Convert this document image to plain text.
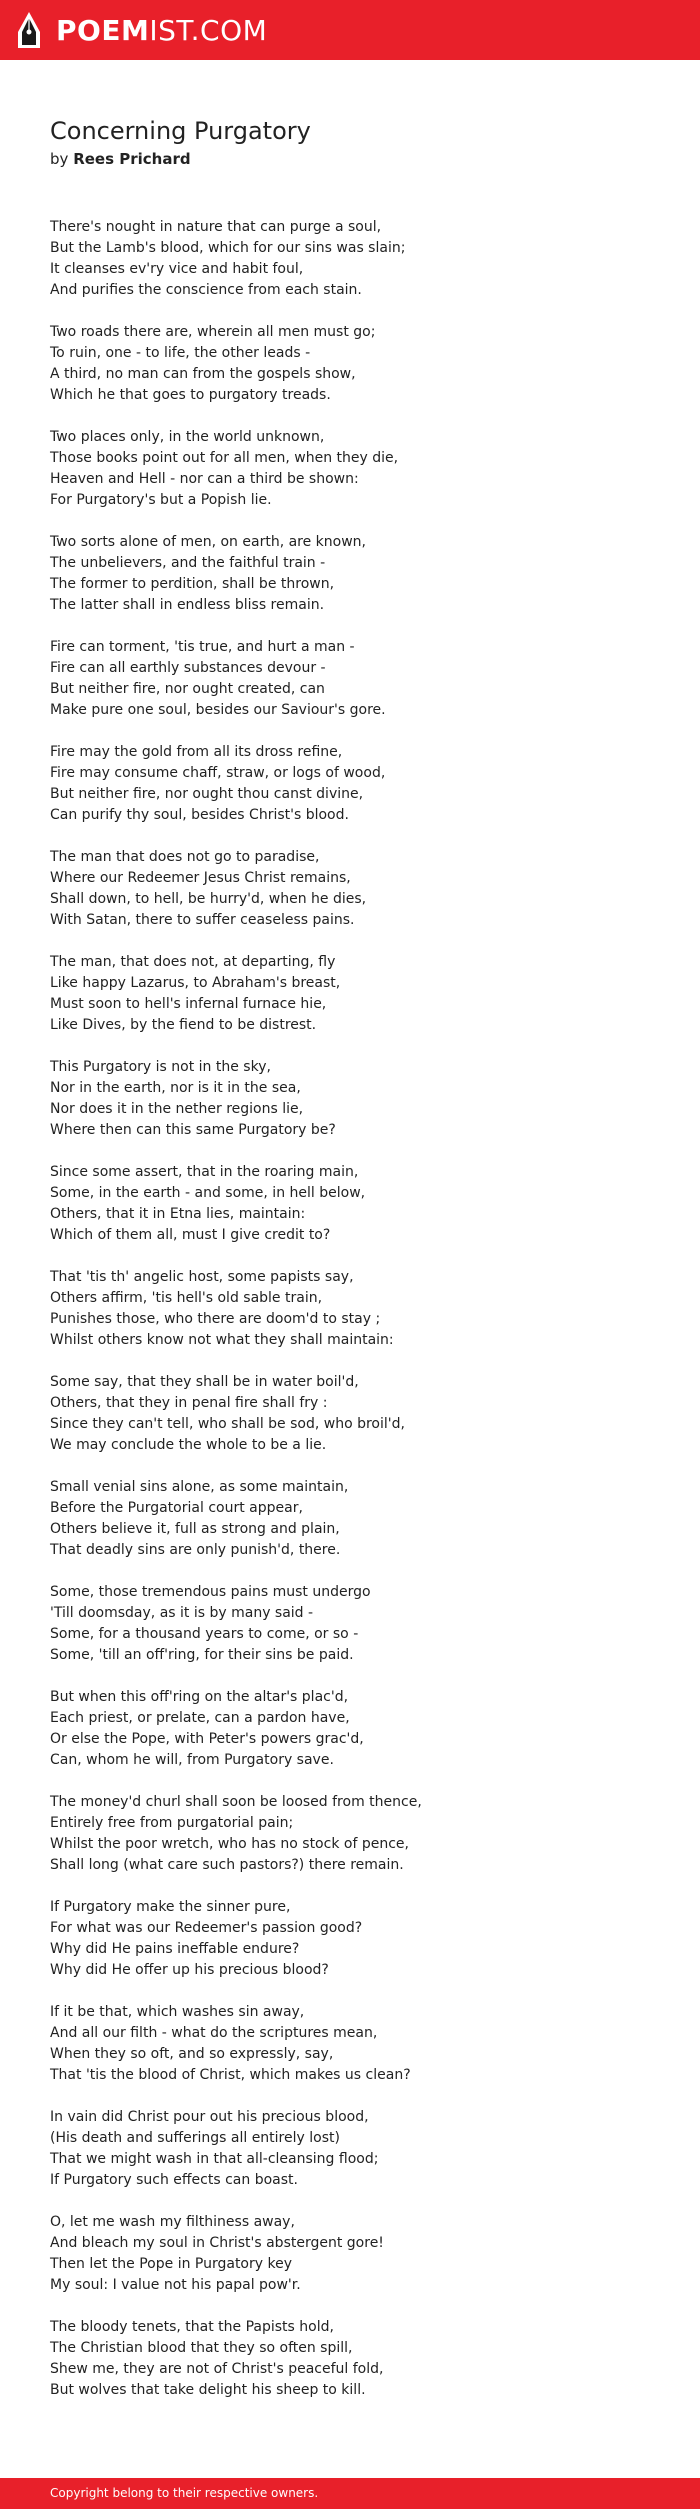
POEMIST.COM
Concerning Purgatory
by Rees Prichard
There's nought in nature that can purge a soul,
But the Lamb's blood, which for our sins was slain;
It cleanses ev'ry vice and habit foul,
And purifies the conscience from each stain.
Two roads there are, wherein all men must go;
To ruin, one - to life, the other leads -
A third, no man can from the gospels show,
Which he that goes to purgatory treads.
Two places only, in the world unknown,
Those books point out for all men, when they die,
Heaven and Hell - nor can a third be shown:
For Purgatory's but a Popish lie.
Two sorts alone of men, on earth, are known,
The unbelievers, and the faithful train -
The former to perdition, shall be thrown,
The latter shall in endless bliss remain.
Fire can torment, 'tis true, and hurt a man -
Fire can all earthly substances devour -
But neither fire, nor ought created, can
Make pure one soul, besides our Saviour's gore.
Fire may the gold from all its dross refine,
Fire may consume chaff, straw, or logs of wood,
But neither fire, nor ought thou canst divine,
Can purify thy soul, besides Christ's blood.
The man that does not go to paradise,
Where our Redeemer Jesus Christ remains,
Shall down, to hell, be hurry'd, when he dies,
With Satan, there to suffer ceaseless pains.
The man, that does not, at departing, fly
Like happy Lazarus, to Abraham's breast,
Must soon to hell's infernal furnace hie,
Like Dives, by the fiend to be distrest.
This Purgatory is not in the sky,
Nor in the earth, nor is it in the sea,
Nor does it in the nether regions lie,
Where then can this same Purgatory be?
Since some assert, that in the roaring main,
Some, in the earth - and some, in hell below,
Others, that it in Etna lies, maintain:
Which of them all, must I give credit to?
That 'tis th' angelic host, some papists say,
Others affirm, 'tis hell's old sable train,
Punishes those, who there are doom'd to stay ;
Whilst others know not what they shall maintain:
Some say, that they shall be in water boil'd,
Others, that they in penal fire shall fry :
Since they can't tell, who shall be sod, who broil'd,
We may conclude the whole to be a lie.
Small venial sins alone, as some maintain,
Before the Purgatorial court appear,
Others believe it, full as strong and plain,
That deadly sins are only punish'd, there.
Some, those tremendous pains must undergo
'Till doomsday, as it is by many said -
Some, for a thousand years to come, or so -
Some, 'till an off'ring, for their sins be paid.
But when this off'ring on the altar's plac'd,
Each priest, or prelate, can a pardon have,
Or else the Pope, with Peter's powers grac'd,
Can, whom he will, from Purgatory save.
The money'd churl shall soon be loosed from thence,
Entirely free from purgatorial pain;
Whilst the poor wretch, who has no stock of pence,
Shall long (what care such pastors?) there remain.
If Purgatory make the sinner pure,
For what was our Redeemer's passion good?
Why did He pains ineffable endure?
Why did He offer up his precious blood?
If it be that, which washes sin away,
And all our filth - what do the scriptures mean,
When they so oft, and so expressly, say,
That 'tis the blood of Christ, which makes us clean?
In vain did Christ pour out his precious blood,
(His death and sufferings all entirely lost)
That we might wash in that all-cleansing flood;
If Purgatory such effects can boast.
O, let me wash my filthiness away,
And bleach my soul in Christ's abstergent gore!
Then let the Pope in Purgatory key
My soul: I value not his papal pow'r.
The bloody tenets, that the Papists hold,
The Christian blood that they so often spill,
Shew me, they are not of Christ's peaceful fold,
But wolves that take delight his sheep to kill.
Copyright belong to their respective owners.
